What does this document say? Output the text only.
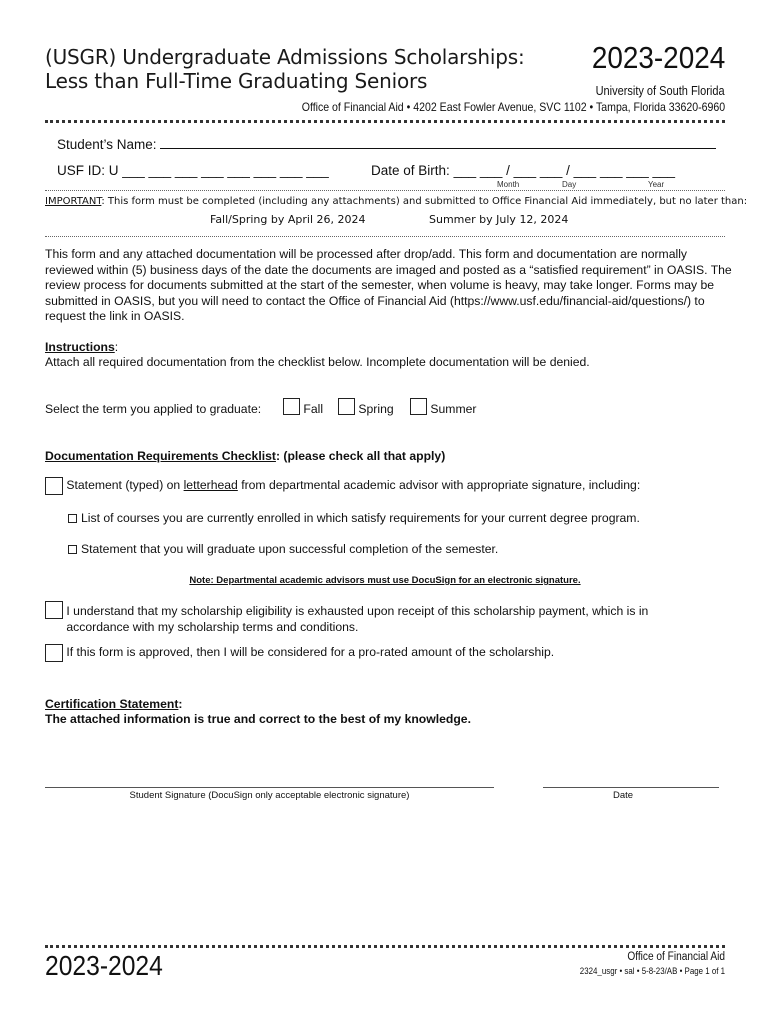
(USGR) Undergraduate Admissions Scholarships:
Less than Full-Time Graduating Seniors
2023-2024
University of South Florida
Office of Financial Aid • 4202 East Fowler Avenue, SVC 1102 • Tampa, Florida 33620-6960
Student’s Name:
USF ID: U ___ ___ ___ ___ ___ ___ ___ ___	Date of Birth: ___ ___ / ___ ___ / ___ ___ ___ ___
Month	Day	Year
IMPORTANT: This form must be completed (including any attachments) and submitted to Office Financial Aid immediately, but no later than:
Fall/Spring by April 26, 2024	Summer by July 12, 2024
This form and any attached documentation will be processed after drop/add. This form and documentation are normally reviewed within (5) business days of the date the documents are imaged and posted as a “satisfied requirement” in OASIS. The review process for documents submitted at the start of the semester, when volume is heavy, may take longer. Forms may be submitted in OASIS, but you will need to contact the Office of Financial Aid (https://www.usf.edu/financial-aid/questions/) to request the link in OASIS.
Instructions:
Attach all required documentation from the checklist below. Incomplete documentation will be denied.
Select the term you applied to graduate:	Fall	Spring	Summer
Documentation Requirements Checklist: (please check all that apply)
Statement (typed) on letterhead from departmental academic advisor with appropriate signature, including:
List of courses you are currently enrolled in which satisfy requirements for your current degree program.
Statement that you will graduate upon successful completion of the semester.
Note: Departmental academic advisors must use DocuSign for an electronic signature.
I understand that my scholarship eligibility is exhausted upon receipt of this scholarship payment, which is in
accordance with my scholarship terms and conditions.
If this form is approved, then I will be considered for a pro-rated amount of the scholarship.
Certification Statement:
The attached information is true and correct to the best of my knowledge.
Student Signature (DocuSign only acceptable electronic signature)	Date
2023-2024	Office of Financial Aid
2324_usgr • sal • 5-8-23/AB • Page 1 of 1
